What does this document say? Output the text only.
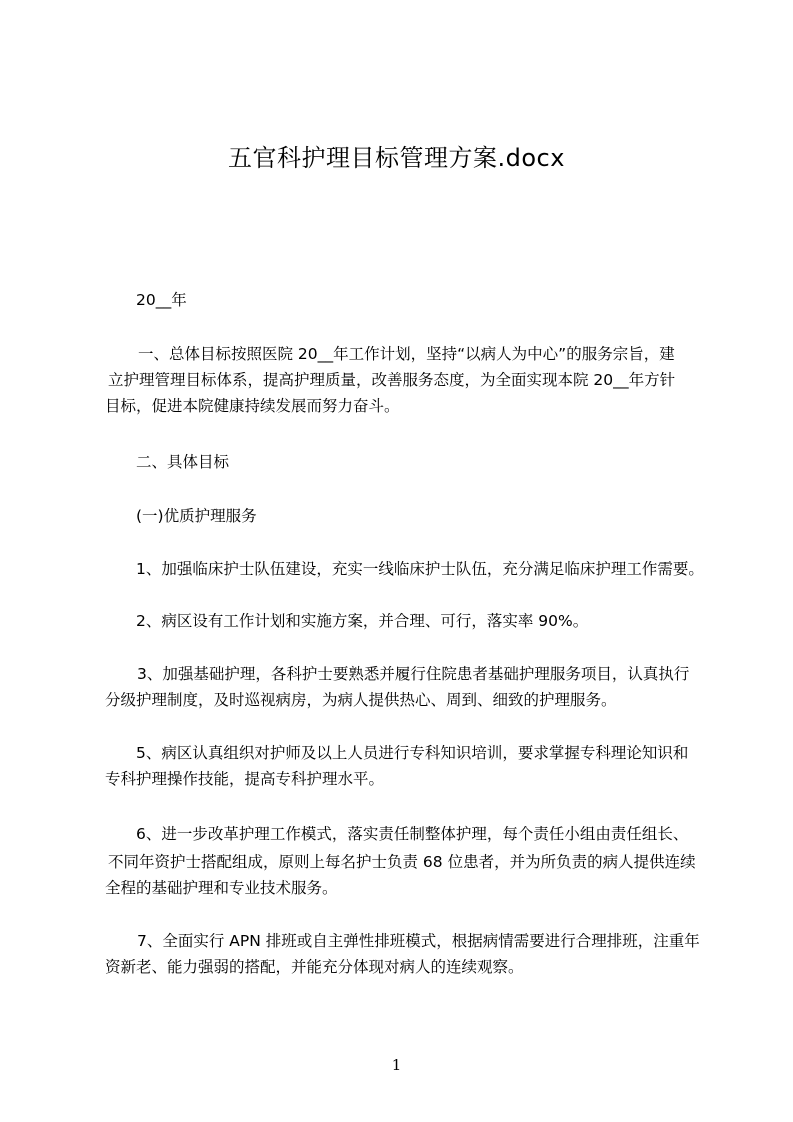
五官科护理目标管理方案.docx
20__年
一、总体目标按照医院 20__年工作计划，坚持“以病人为中心”的服务宗旨，建
立护理管理目标体系，提高护理质量，改善服务态度，为全面实现本院 20__年方针
目标，促进本院健康持续发展而努力奋斗。
二、具体目标
(一)优质护理服务
1、加强临床护士队伍建设，充实一线临床护士队伍，充分满足临床护理工作需要。
2、病区设有工作计划和实施方案，并合理、可行，落实率 90%。
3、加强基础护理，各科护士要熟悉并履行住院患者基础护理服务项目，认真执行
分级护理制度，及时巡视病房，为病人提供热心、周到、细致的护理服务。
5、病区认真组织对护师及以上人员进行专科知识培训，要求掌握专科理论知识和
专科护理操作技能，提高专科护理水平。
6、进一步改革护理工作模式，落实责任制整体护理，每个责任小组由责任组长、
不同年资护士搭配组成，原则上每名护士负责 68 位患者，并为所负责的病人提供连续
全程的基础护理和专业技术服务。
7、全面实行 APN 排班或自主弹性排班模式，根据病情需要进行合理排班，注重年
资新老、能力强弱的搭配，并能充分体现对病人的连续观察。
1
